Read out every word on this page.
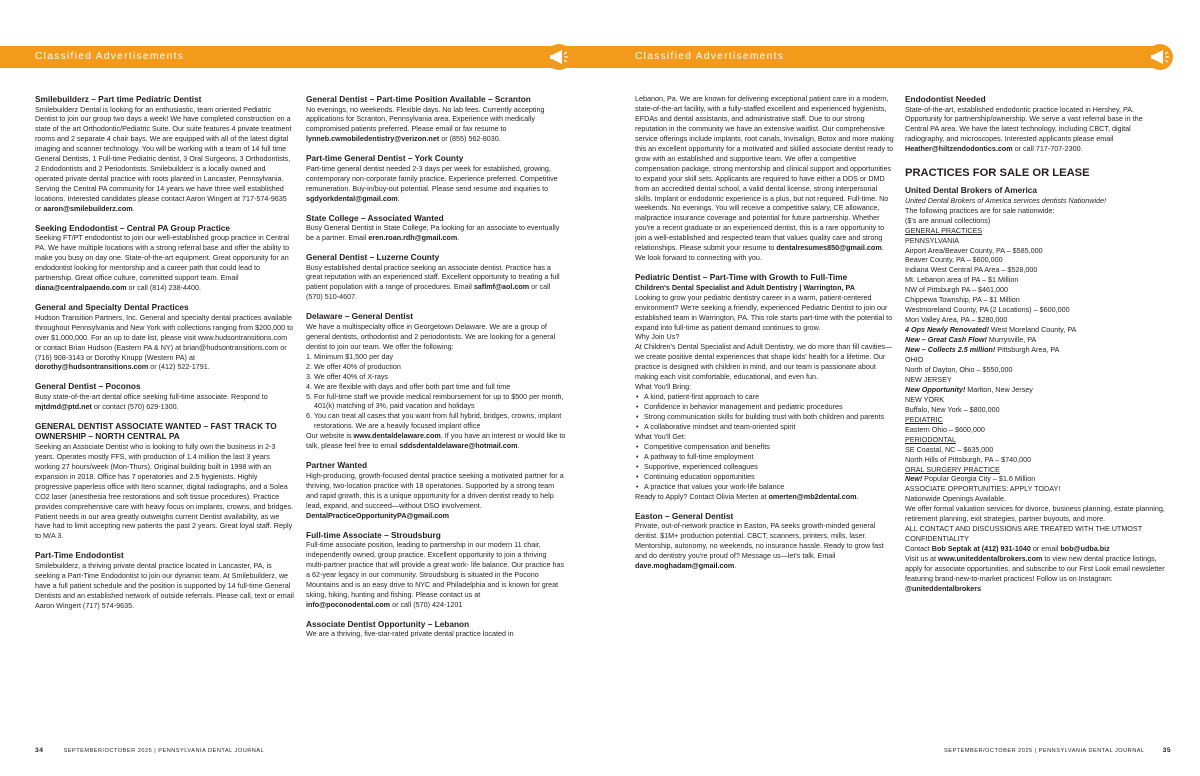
Classified Advertisements	Classified Advertisements
Smilebuilderz – Part time Pediatric Dentist

Smilebuilderz Dental is looking for an enthusiastic, team oriented Pediatric Dentist to join our group two days a week! We have completed construction on a state of the art Orthodontic/Pediatric Suite. Our suite features 4 private treatment rooms and 2 separate 4 chair bays. We are equipped with all of the latest digital imaging and scanner technology. You will be working with a team of 14 full time General Dentists, 1 Full-time Pediatric dentist, 3 Oral Surgeons, 3 Orthodontists, 2 Endodontists and 2 Periodontists. Smilebuilderz is a locally owned and operated private dental practice with roots planted in Lancaster, Pennsylvania. Serving the Central PA community for 14 years we have three well established locations. Interested candidates please contact Aaron Wingert at 717-574-9635 or aaron@smilebuilderz.com.

Seeking Endodontist – Central PA Group Practice

Seeking FT/PT endodontist to join our well-established group practice in Central PA. We have multiple locations with a strong referral base and offer the ability to make you busy on day one. State-of-the-art equipment. Great opportunity for an endodontist looking for mentorship and a career path that could lead to partnership. Great office culture, committed support team. Email diana@centralpaendo.com or call (814) 238-4400.

General and Specialty Dental Practices

Hudson Transition Partners, Inc. General and specialty dental practices available throughout Pennsylvania and New York with collections ranging from $200,000 to over $1,000,000. For an up to date list, please visit www.hudsontransitions.com or contact Brian Hudson (Eastern PA & NY) at brian@hudsontransitions.com or (716) 908-3143 or Dorothy Knupp (Western PA) at dorothy@hudsontransitions.com or (412) 522-1791.

General Dentist – Poconos

Busy state-of-the-art dental office seeking full-time associate. Respond to mjtdmd@ptd.net or contact (570) 629-1300.

GENERAL DENTIST ASSOCIATE WANTED – FAST TRACK TO OWNERSHIP – NORTH CENTRAL PA

Seeking an Associate Dentist who is looking to fully own the business in 2-3 years. Operates mostly FFS, with production of 1.4 million the last 3 years working 27 hours/week (Mon-Thurs). Original building built in 1998 with an expansion in 2018. Office has 7 operatories and 2.5 hygienists. Highly progressive paperless office with Itero scanner, digital radiographs, and a Solea CO2 laser (anesthesia free restorations and soft tissue procedures). Practice provides comprehensive care with heavy focus on implants, crowns, and bridges. Patient needs in our area greatly outweighs current Dentist availability, as we have had to limit accepting new patients the past 2 years. Great loyal staff. Reply to M/A 3.

Part-Time Endodontist

Smilebuilderz, a thriving private dental practice located in Lancaster, PA, is seeking a Part-Time Endodontist to join our dynamic team. At Smilebuilderz, we have a full patient schedule and the position is supported by 14 full-time General Dentists and an established network of outside referrals. Please call, text or email Aaron Wingert (717) 574-9635.

General Dentist – Part-time Position Available – Scranton

No evenings, no weekends. Flexible days. No lab fees. Currently accepting applications for Scranton, Pennsylvania area. Experience with medically compromised patients preferred. Please email or fax resume to lynneb.cwmobiledentistry@verizon.net or (855) 562-8030.

Part-time General Dentist – York County

Part-time general dentist needed 2-3 days per week for established, growing, contemporary non-corporate family practice. Experience preferred. Competitive remuneration. Buy-in/buy-out potential. Please send resume and inquiries to sgdyorkdental@gmail.com.

State College – Associated Wanted

Busy General Dentist in State College, Pa looking for an associate to eventually be a partner. Email eren.roan.rdh@gmail.com.

General Dentist – Luzerne County

Busy established dental practice seeking an associate dentist. Practice has a great reputation with an experienced staff. Excellent opportunity to treating a full patient population with a range of procedures. Email saflmf@aol.com or call (570) 510-4607.

Delaware – General Dentist

We have a multispecialty office in Georgetown Delaware. We are a group of general dentists, orthodontist and 2 periodontists. We are looking for a general dentist to join our team. We offer the following:

1. Minimum $1,500 per day
2. We offer 40% of production
3. We offer 40% of X-rays
4. We are flexible with days and offer both part time and full time
5. For full-time staff we provide medical reimbursement for up to $500 per month, 401(k) matching of 3%, paid vacation and holidays
6. You can treat all cases that you want from full hybrid, bridges, crowns, implant restorations. We are a heavily focused implant office

Our website is www.dentaldelaware.com. If you have an interest or would like to talk, please feel free to email sddsdentaldelaware@hotmail.com.

Partner Wanted

High-producing, growth-focused dental practice seeking a motivated partner for a thriving, two-location practice with 18 operatories. Supported by a strong team and rapid growth, this is a unique opportunity for a driven dentist ready to help lead, expand, and succeed—without DSO involvement. DentalPracticeOpportunityPA@gmail.com

Full-time Associate – Stroudsburg

Full-time associate position, leading to partnership in our modern 11 chair, independently owned, group practice. Excellent opportunity to join a thriving multi-partner practice that will provide a great work- life balance. Our practice has a 62-year legacy in our community. Stroudsburg is situated in the Pocono Mountains and is an easy drive to NYC and Philadelphia and is known for great skiing, hiking, hunting and fishing. Please contact us at info@poconodental.com or call (570) 424-1201

Associate Dentist Opportunity – Lebanon

We are a thriving, five-star-rated private dental practice located in

Lebanon, Pa. We are known for delivering exceptional patient care in a modern, state-of-the-art facility, with a fully-staffed excellent and experienced hygienists, EFDAs and dental assistants, and administrative staff. Due to our strong reputation in the community we have an extensive waitlist. Our comprehensive service offerings include implants, root canals, Invisalign, Botox and more making this an excellent opportunity for a motivated and skilled associate dentist ready to grow with an established and supportive team. We offer a competitive compensation package, strong mentorship and clinical support and opportunities to expand your skill sets. Applicants are required to have either a DDS or DMD from an accredited dental school, a valid dental license, strong interpersonal skills. Implant or endodontic experience is a plus, but not required. Full-time. No weekends. No evenings. You will receive a competitive salary, CE allowance, malpractice insurance coverage and potential for future partnership. Whether you're a recent graduate or an experienced dentist, this is a rare opportunity to join a well-established and respected team that values quality care and strong relationships. Please submit your resume to dentalresumes850@gmail.com. We look forward to connecting with you.

Pediatric Dentist – Part-Time with Growth to Full-Time
Children's Dental Specialist and Adult Dentistry | Warrington, PA

Looking to grow your pediatric dentistry career in a warm, patient-centered environment? We're seeking a friendly, experienced Pediatric Dentist to join our established team in Warrington, PA. This role starts part-time with the potential to expand into full-time as patient demand continues to grow.

Why Join Us?

At Children's Dental Specialist and Adult Dentistry, we do more than fill cavities—we create positive dental experiences that shape kids' health for a lifetime. Our practice is designed with children in mind, and our team is passionate about making each visit comfortable, educational, and even fun.

What You'll Bring:

• A kind, patient-first approach to care
• Confidence in behavior management and pediatric procedures
• Strong communication skills for building trust with both children and parents
• A collaborative mindset and team-oriented spirit

What You'll Get:

• Competitive compensation and benefits
• A pathway to full-time employment
• Supportive, experienced colleagues
• Continuing education opportunities
• A practice that values your work-life balance

Ready to Apply? Contact Olivia Merten at omerten@mb2dental.com.

Easton – General Dentist

Private, out-of-network practice in Easton, PA seeks growth-minded general dentist. $1M+ production potential. CBCT, scanners, printers, mills, laser. Mentorship, autonomy, no weekends, no insurance hassle. Ready to grow fast and do dentistry you're proud of? Message us—let's talk. Email dave.moghadam@gmail.com.

Endodontist Needed

State-of-the-art, established endodontic practice located in Hershey, PA. Opportunity for partnership/ownership. We serve a vast referral base in the Central PA area. We have the latest technology, including CBCT, digital radiography, and microscopes. Interested applicants please email Heather@hiltzendodontics.com or call 717-707-2300.

PRACTICES FOR SALE OR LEASE
United Dental Brokers of America

United Dental Brokers of America services dentists Nationwide!

The following practices are for sale nationwide:

($'s are annual collections)

GENERAL PRACTICES

PENNSYLVANIA

Airport Area/Beaver County, PA – $585,000

Beaver County, PA – $600,000

Indiana West Central PA Area – $528,000

Mt. Lebanon area of PA – $1 Million

NW of Pittsburgh PA – $461,000

Chippewa Township, PA – $1 Million

Westmoreland County, PA (2 Locations) – $600,000

Mon Valley Area, PA – $280,000

4 Ops Newly Renovated! West Moreland County, PA

New – Great Cash Flow! Murrysville, PA

New – Collects 2.5 million! Pittsburgh Area, PA

OHIO

North of Dayton, Ohio – $550,000

NEW JERSEY

New Opportunity! Marlton, New Jersey

NEW YORK

Buffalo, New York – $800,000

PEDIATRIC

Eastern Ohio – $600,000

PERIODONTAL

SE Coastal, NC – $635,000

North Hills of Pittsburgh, PA – $740,000

ORAL SURGERY PRACTICE

New! Popular Georgia City – $1.6 Million

ASSOCIATE OPPORTUNITIES: APPLY TODAY!

Nationwide Openings Available.

We offer formal valuation services for divorce, business planning, estate planning, retirement planning, exit strategies, partner buyouts, and more.

ALL CONTACT AND DISCUSSIONS ARE TREATED WITH THE UTMOST CONFIDENTIALITY

Contact Bob Septak at (412) 931-1040 or email bob@udba.biz

Visit us at www.uniteddentalbrokers.com to view new dental practice listings, apply for associate opportunities, and subscribe to our First Look email newsletter featuring brand-new-to-market practices! Follow us on Instagram: @uniteddentalbrokers

34	SEPTEMBER/OCTOBER 2025 | PENNSYLVANIA DENTAL JOURNAL	SEPTEMBER/OCTOBER 2025 | PENNSYLVANIA DENTAL JOURNAL	35
